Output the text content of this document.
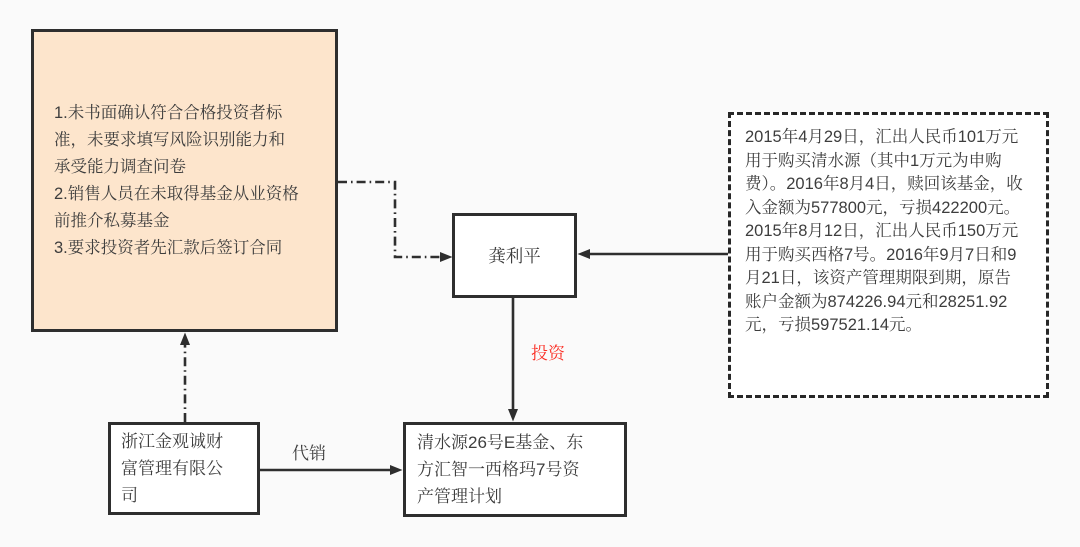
1.未书面确认符合合格投资者标准，未要求填写风险识别能力和承受能力调查问卷
2.销售人员在未取得基金从业资格前推介私募基金
3.要求投资者先汇款后签订合同	龚利平

2015年4月29日，汇出人民币101万元用于购买清水源（其中1万元为申购费）。2016年8月4日，赎回该基金，收入金额为577800元，亏损422200元。

2015年8月12日，汇出人民币150万元用于购买西格7号。2016年9月7日和9月21日，该资产管理期限到期，原告账户金额为874226.94元和28251.92元，亏损597521.14元。

浙江金观诚财富管理有限公司
清水源26号E基金、东方汇智一西格玛7号资产管理计划
投资
代销
